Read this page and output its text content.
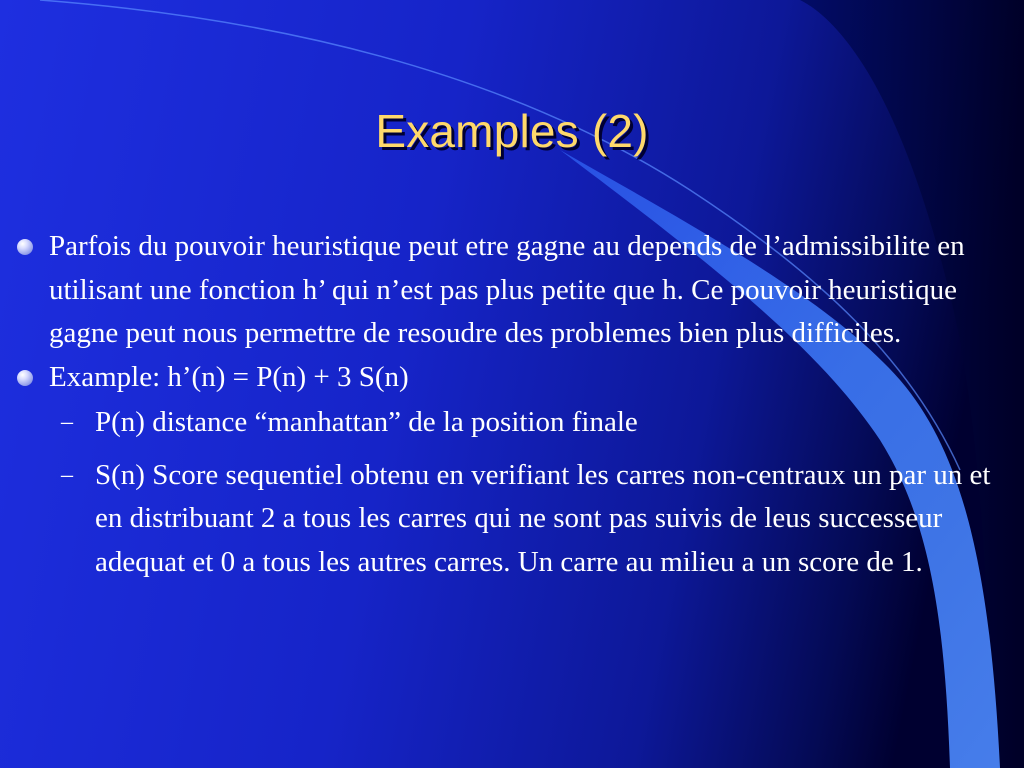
Examples (2)
Parfois du pouvoir heuristique peut etre gagne au depends de l’admissibilite en utilisant une fonction h’ qui n’est pas plus petite que h. Ce pouvoir heuristique gagne peut nous permettre de resoudre des problemes bien plus difficiles.
Example: h’(n) = P(n) + 3 S(n)
– P(n) distance “manhattan” de la position finale
– S(n) Score sequentiel obtenu en verifiant les carres non-centraux un par un et en distribuant 2 a tous les carres qui ne sont pas suivis de leus successeur adequat et 0 a tous les autres carres. Un carre au milieu a un score de 1.
